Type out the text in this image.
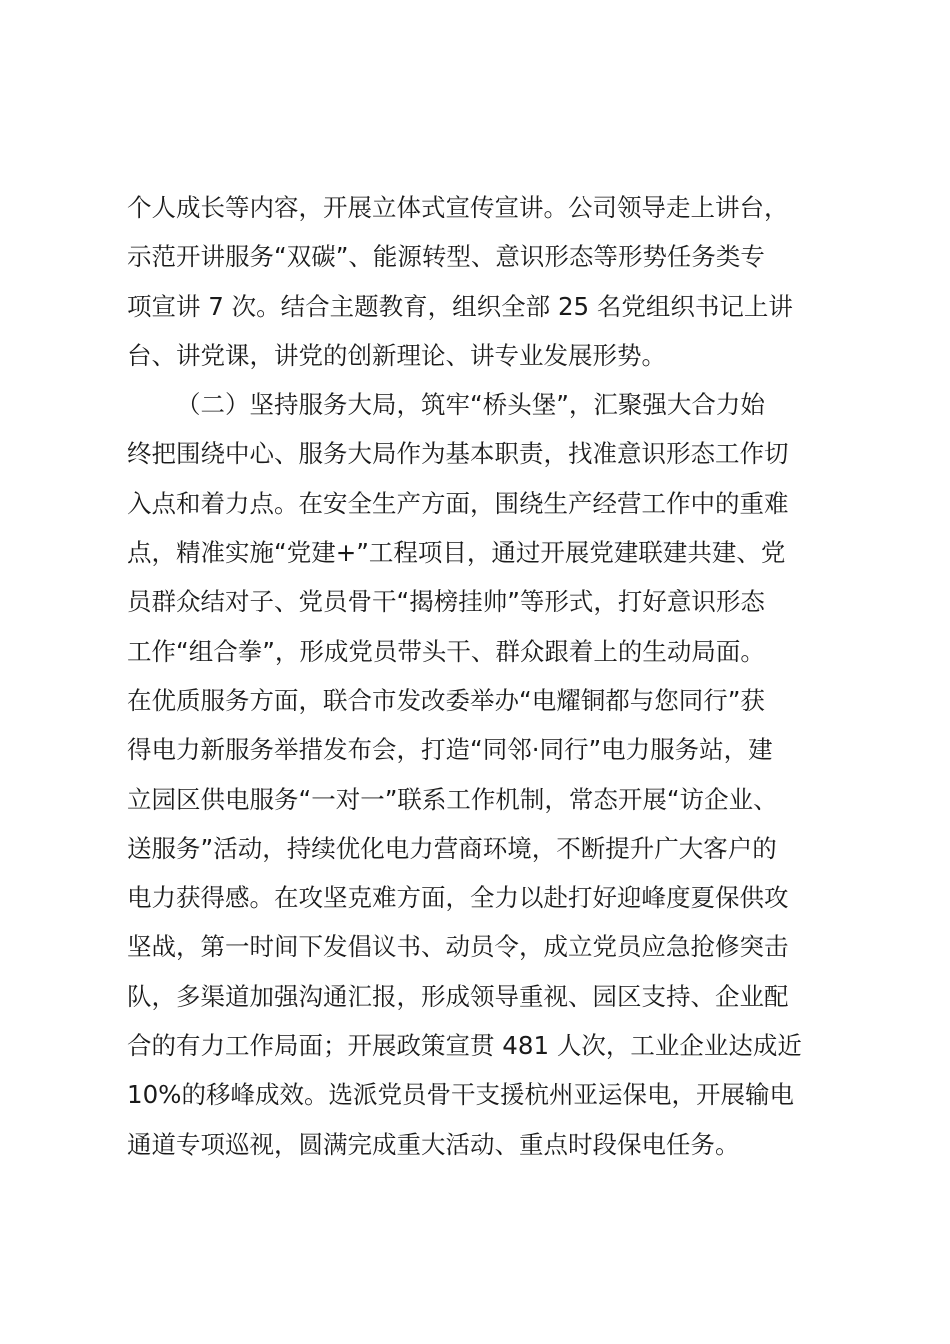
个人成长等内容，开展立体式宣传宣讲。公司领导走上讲台，
示范开讲服务“双碳”、能源转型、意识形态等形势任务类专
项宣讲 7 次。结合主题教育，组织全部 25 名党组织书记上讲
台、讲党课，讲党的创新理论、讲专业发展形势。
（二）坚持服务大局，筑牢“桥头堡”，汇聚强大合力始
终把围绕中心、服务大局作为基本职责，找准意识形态工作切
入点和着力点。在安全生产方面，围绕生产经营工作中的重难
点，精准实施“党建+”工程项目，通过开展党建联建共建、党
员群众结对子、党员骨干“揭榜挂帅”等形式，打好意识形态
工作“组合拳”，形成党员带头干、群众跟着上的生动局面。
在优质服务方面，联合市发改委举办“电耀铜都与您同行”获
得电力新服务举措发布会，打造“同邻·同行”电力服务站，建
立园区供电服务“一对一”联系工作机制，常态开展“访企业、
送服务”活动，持续优化电力营商环境，不断提升广大客户的
电力获得感。在攻坚克难方面，全力以赴打好迎峰度夏保供攻
坚战，第一时间下发倡议书、动员令，成立党员应急抢修突击
队，多渠道加强沟通汇报，形成领导重视、园区支持、企业配
合的有力工作局面；开展政策宣贯 481 人次，工业企业达成近
10%的移峰成效。选派党员骨干支援杭州亚运保电，开展输电
通道专项巡视，圆满完成重大活动、重点时段保电任务。
